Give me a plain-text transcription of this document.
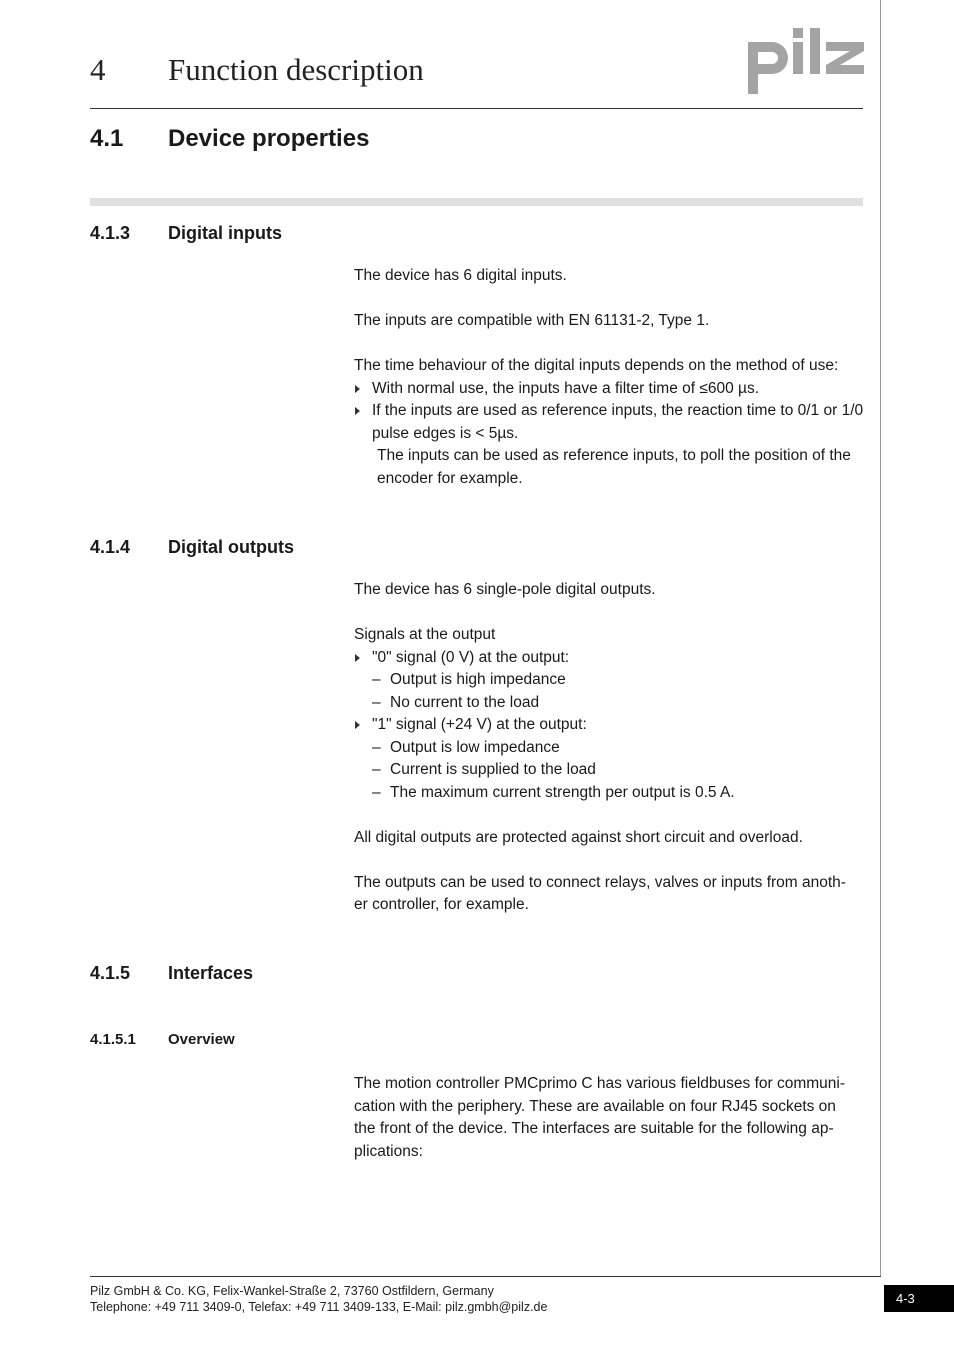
4 Function description
4.1 Device properties
4.1.3 Digital inputs

The device has 6 digital inputs.

The inputs are compatible with EN 61131-2, Type 1.

The time behaviour of the digital inputs depends on the method of use:

With normal use, the inputs have a filter time of ≤600 µs.
If the inputs are used as reference inputs, the reaction time to 0/1 or 1/0 pulse edges is < 5µs.

The inputs can be used as reference inputs, to poll the position of the encoder for example.

4.1.4 Digital outputs

The device has 6 single-pole digital outputs.

Signals at the output

"0" signal (0 V) at the output:
– Output is high impedance
– No current to the load
"1" signal (+24 V) at the output:
– Output is low impedance
– Current is supplied to the load
– The maximum current strength per output is 0.5 A.

All digital outputs are protected against short circuit and overload.

The outputs can be used to connect relays, valves or inputs from anoth-

er controller, for example.

4.1.5 Interfaces
4.1.5.1 Overview

The motion controller PMCprimo C has various fieldbuses for communi-

cation with the periphery. These are available on four RJ45 sockets on

the front of the device. The interfaces are suitable for the following ap-

plications:

Pilz GmbH & Co. KG, Felix-Wankel-Straße 2, 73760 Ostfildern, Germany
Telephone: +49 711 3409-0, Telefax: +49 711 3409-133, E-Mail: pilz.gmbh@pilz.de
4-3
